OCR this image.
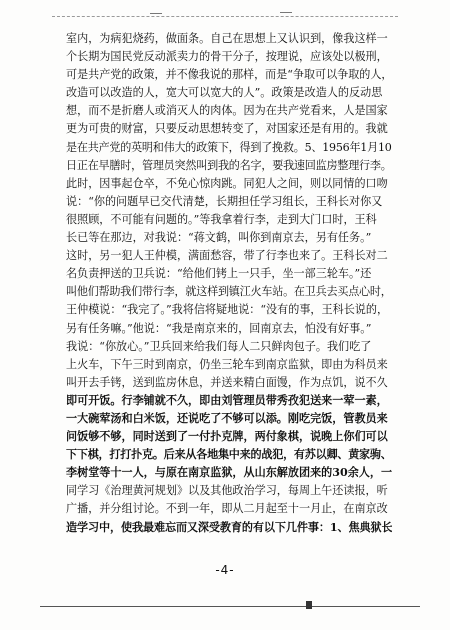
室内，为病犯烧药，做面条。自己在思想上又认识到，像我这样一
个长期为国民党反动派卖力的骨干分子，按理说，应该处以极刑，
可是共产党的政策，并不像我说的那样，而是“争取可以争取的人，
改造可以改造的人，宽大可以宽大的人”。政策是改造人的反动思
想，而不是折磨人或消灭人的肉体。因为在共产党看来，人是国家
更为可贵的财富，只要反动思想转变了，对国家还是有用的。我就
是在共产党的英明和伟大的政策下，得到了挽救。5、1956年1月10
日正在早膳时，管理员突然叫到我的名字，要我速回监房整理行李。
此时，因事起仓卒，不免心惊肉跳。同犯人之间，则以同情的口吻
说：“你的问题早已交代清楚，长期担任学习组长，王科长对你又
很照顾，不可能有问题的。”等我拿着行李，走到大门口时，王科
长已等在那边，对我说：“蒋文鹤，叫你到南京去，另有任务。”
这时，另一犯人王仲模，满面愁容，带了行李也来了。王科长对二
名负责押送的卫兵说：“给他们铐上一只手，坐一部三轮车。”还
叫他们帮助我们带行李，就这样到镇江火车站。在卫兵去买点心时，
王仲模说：“我完了。”我将信将疑地说：“没有的事，王科长说的，
另有任务嘛。”他说：“我是南京来的，回南京去，怕没有好事。”
我说：“你放心。”卫兵回来给我们每人二只鲜肉包子。我们吃了
上火车，下午三时到南京，仍坐三轮车到南京监狱，即由为科员来
叫开去手铐，送到监房休息，并送来精白面馒，作为点饥，说不久
即可开饭。行李铺就不久，即由刘管理员带秀孜犯送来一荤一素，
一大碗荤汤和白米饭，还说吃了不够可以添。刚吃完饭，管教员来
问饭够不够，同时送到了一付扑克牌，两付象棋，说晚上你们可以
下下棋，打打扑克。后来从各地集中来的战犯，有苏以卿、黄家驹、
李树堂等十一人，与原在南京监狱，从山东解放团来的30余人，一
同学习《治理黄河规划》以及其他政治学习，每周上午还读报，听
广播，并分组讨论。不到一年，即从二月起至十一月止，在南京改
造学习中，使我最难忘而又深受教育的有以下几件事：1、焦典狱长
-4-
